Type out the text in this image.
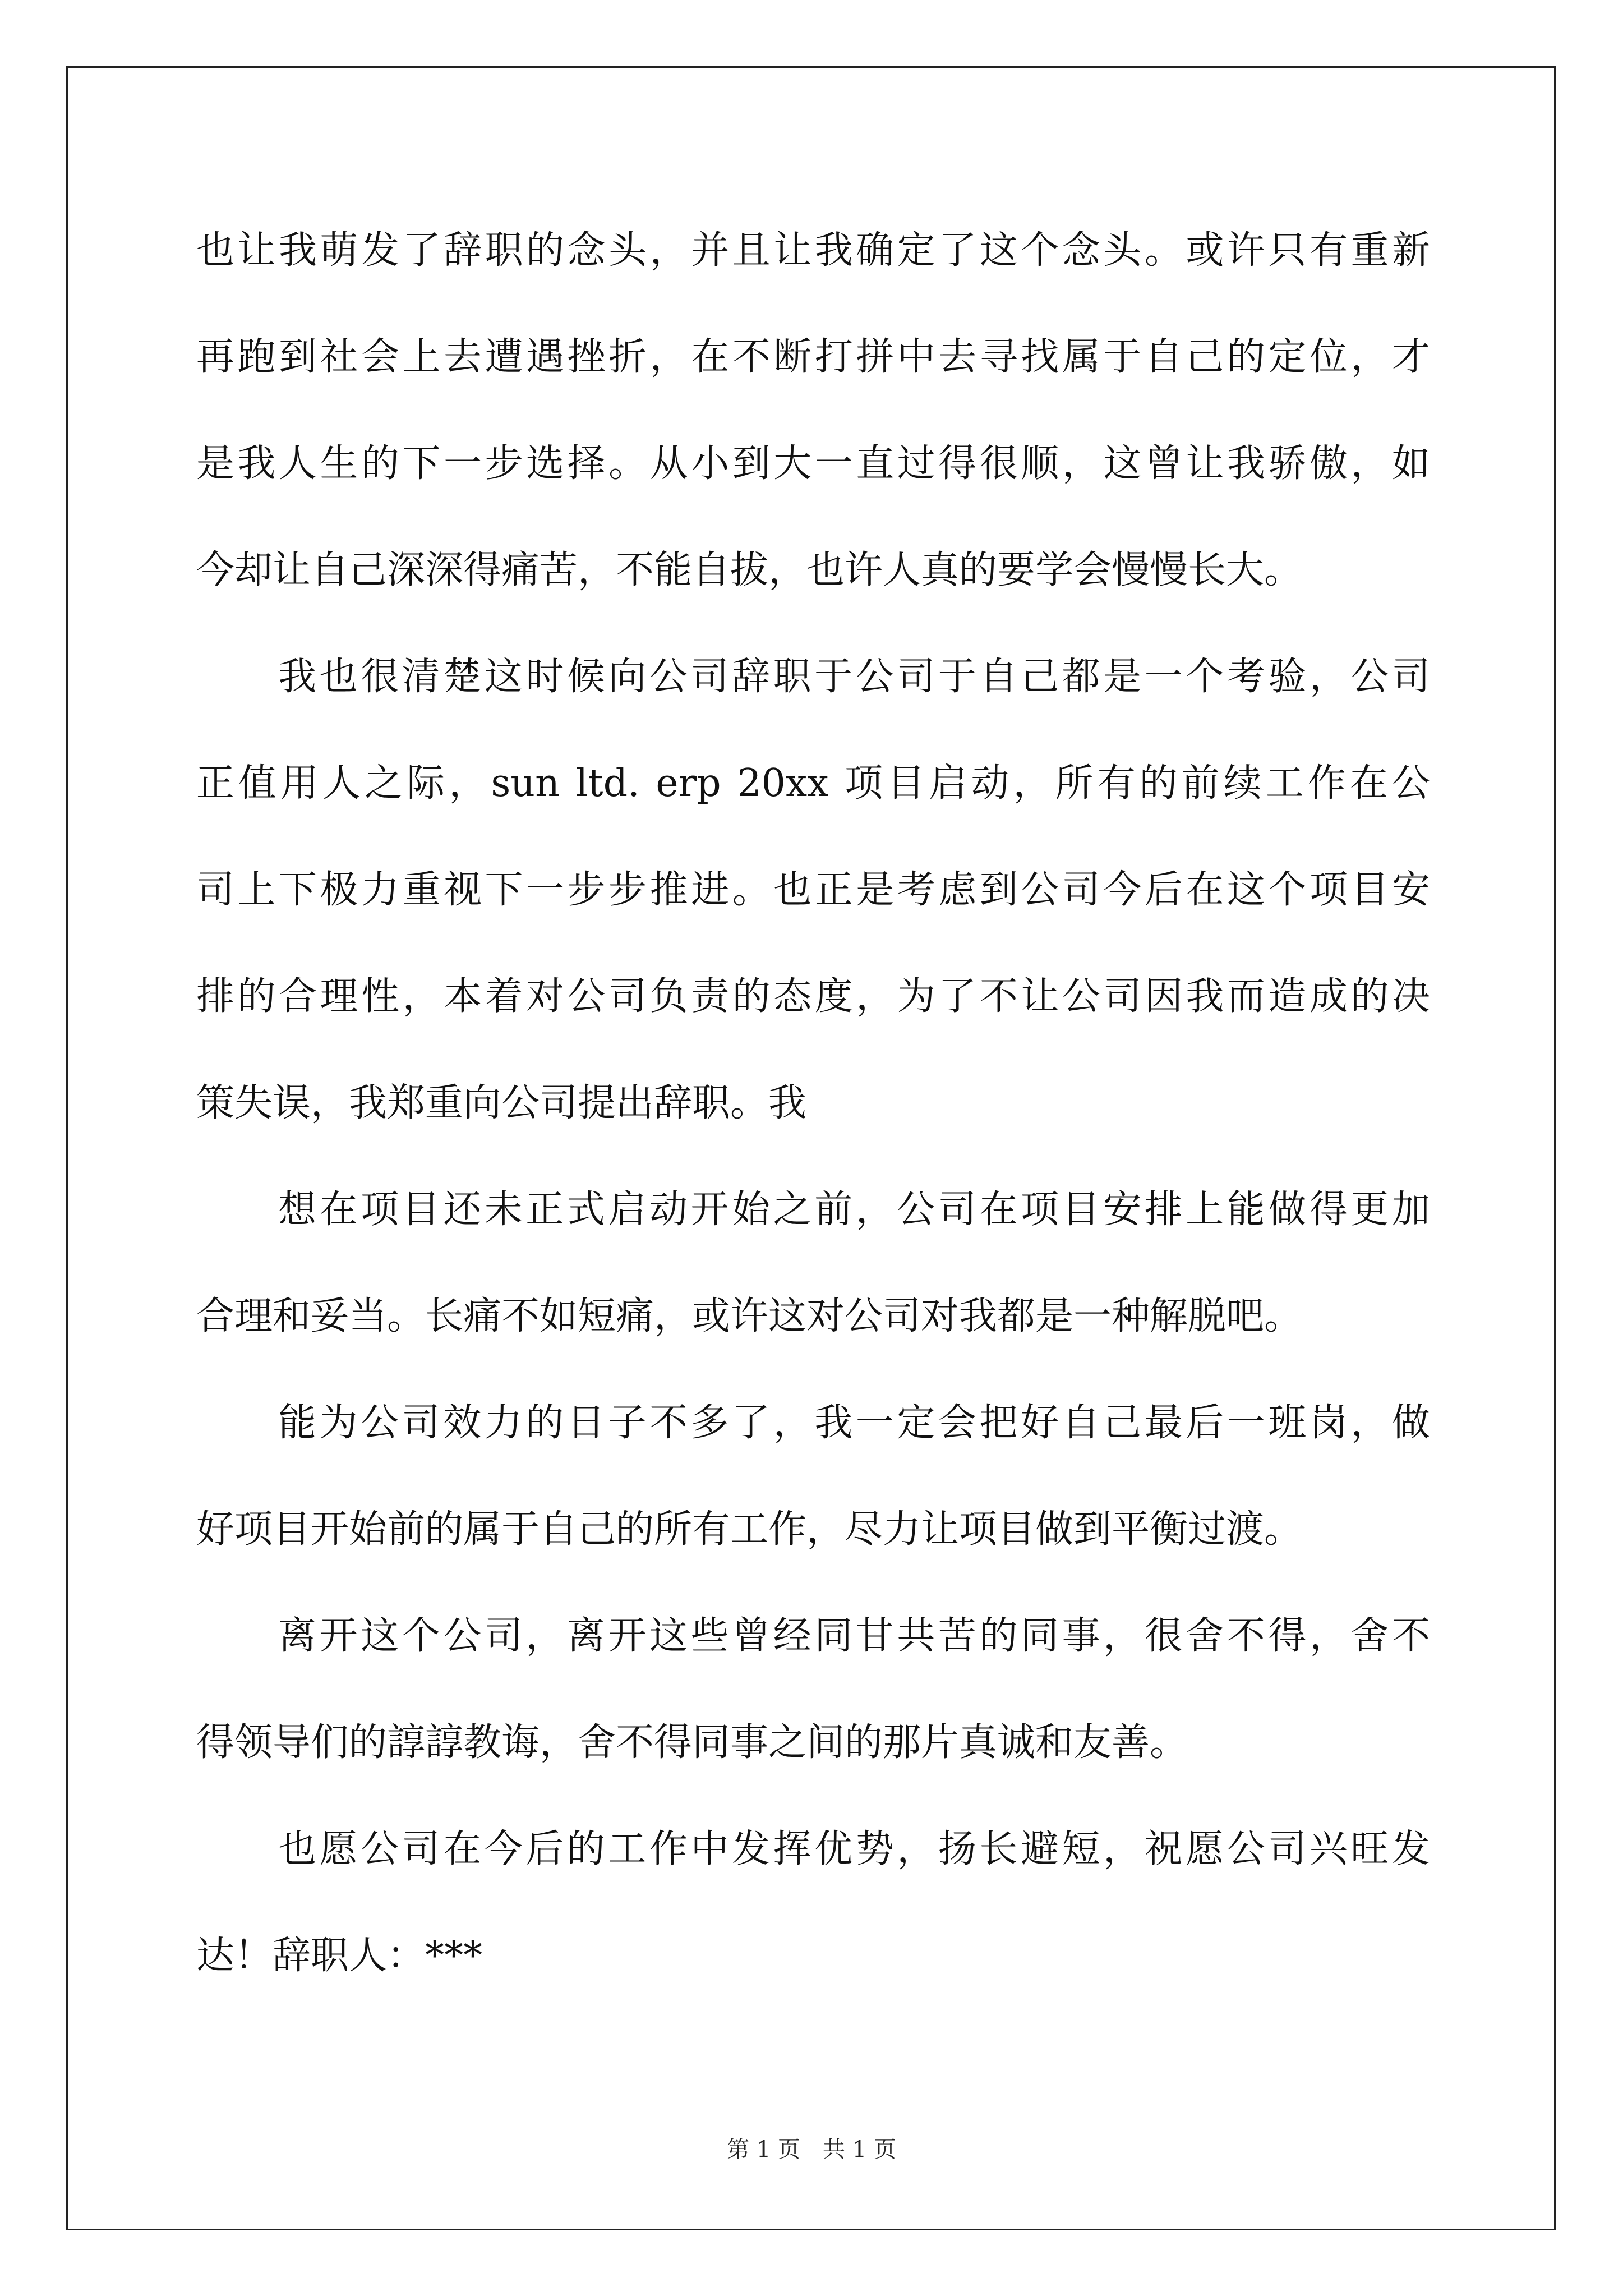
也让我萌发了辞职的念头，并且让我确定了这个念头。或许只有重新
再跑到社会上去遭遇挫折，在不断打拼中去寻找属于自己的定位，才
是我人生的下一步选择。从小到大一直过得很顺，这曾让我骄傲，如
今却让自己深深得痛苦，不能自拔，也许人真的要学会慢慢长大。
我也很清楚这时候向公司辞职于公司于自己都是一个考验，公司
正值用人之际，sun ltd. erp 20xx 项目启动，所有的前续工作在公
司上下极力重视下一步步推进。也正是考虑到公司今后在这个项目安
排的合理性，本着对公司负责的态度，为了不让公司因我而造成的决
策失误，我郑重向公司提出辞职。我
想在项目还未正式启动开始之前，公司在项目安排上能做得更加
合理和妥当。长痛不如短痛，或许这对公司对我都是一种解脱吧。
能为公司效力的日子不多了，我一定会把好自己最后一班岗，做
好项目开始前的属于自己的所有工作，尽力让项目做到平衡过渡。
离开这个公司，离开这些曾经同甘共苦的同事，很舍不得，舍不
得领导们的諄諄教诲，舍不得同事之间的那片真诚和友善。
也愿公司在今后的工作中发挥优势，扬长避短，祝愿公司兴旺发
达！辞职人：***
第 1 页　共 1 页
